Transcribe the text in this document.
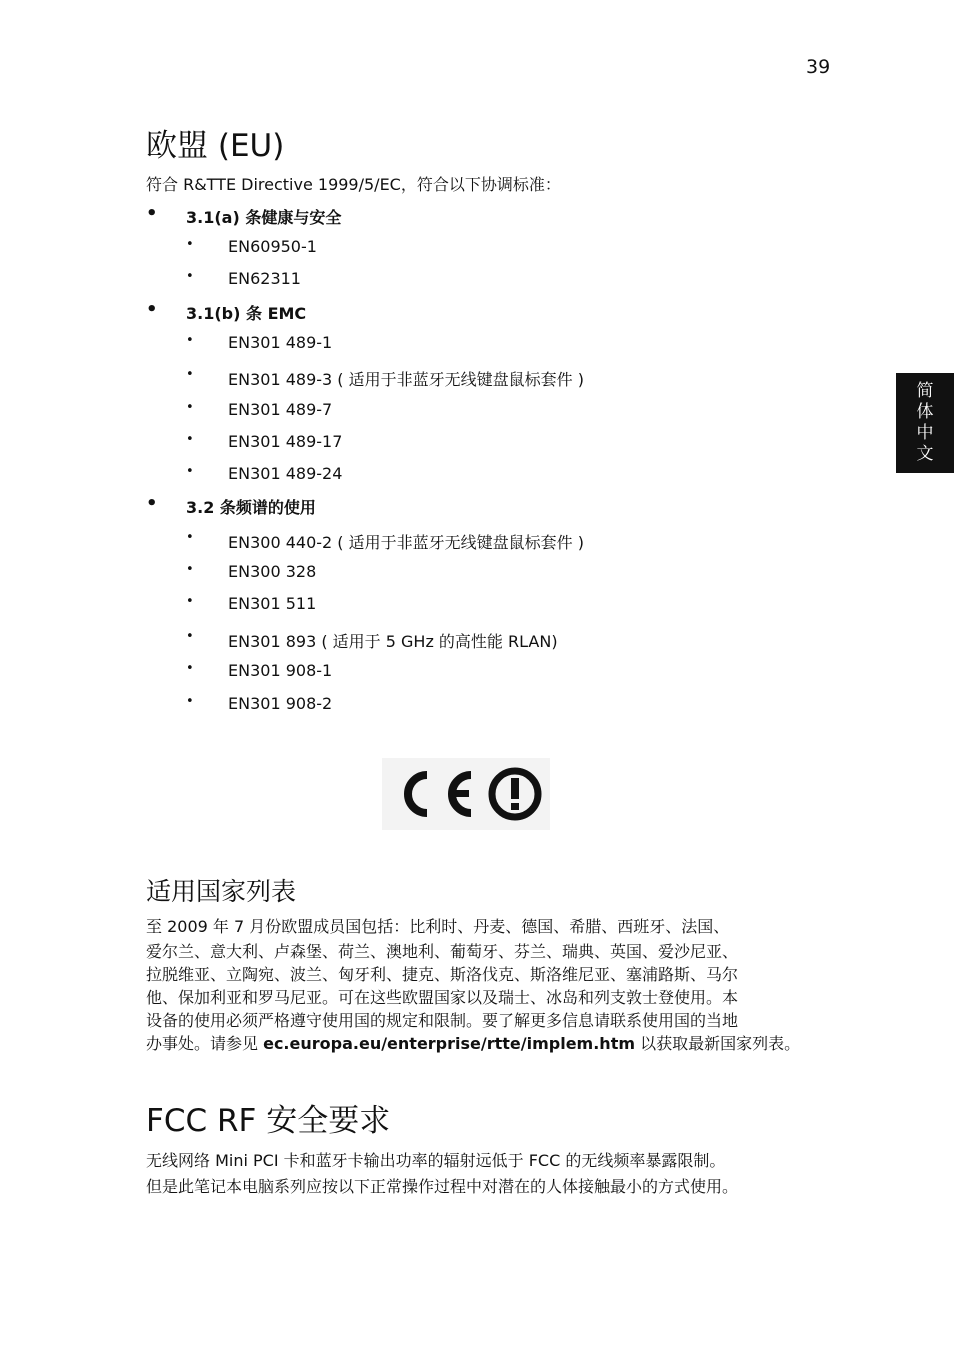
39
简
体
中
文
欧盟 (EU)

符合 R&TTE Directive 1999/5/EC，符合以下协调标准：

• 3.1(a) 条健康与安全
• EN60950-1
• EN62311
• 3.1(b) 条 EMC
• EN301 489-1
• EN301 489-3 ( 适用于非蓝牙无线键盘鼠标套件 )
• EN301 489-7
• EN301 489-17
• EN301 489-24
• 3.2 条频谱的使用
• EN300 440-2 ( 适用于非蓝牙无线键盘鼠标套件 )
• EN300 328
• EN301 511
• EN301 893 ( 适用于 5 GHz 的高性能 RLAN)
• EN301 908-1
• EN301 908-2
适用国家列表

至 2009 年 7 月份欧盟成员国包括：比利时、丹麦、德国、希腊、西班牙、法国、

爱尔兰、意大利、卢森堡、荷兰、澳地利、葡萄牙、芬兰、瑞典、英国、爱沙尼亚、

拉脱维亚、立陶宛、波兰、匈牙利、捷克、斯洛伐克、斯洛维尼亚、塞浦路斯、马尔

他、保加利亚和罗马尼亚。可在这些欧盟国家以及瑞士、冰岛和列支敦士登使用。本

设备的使用必须严格遵守使用国的规定和限制。要了解更多信息请联系使用国的当地

办事处。请参见 ec.europa.eu/enterprise/rtte/implem.htm 以获取最新国家列表。

FCC RF 安全要求

无线网络 Mini PCI 卡和蓝牙卡输出功率的辐射远低于 FCC 的无线频率暴露限制。

但是此笔记本电脑系列应按以下正常操作过程中对潜在的人体接触最小的方式使用。
